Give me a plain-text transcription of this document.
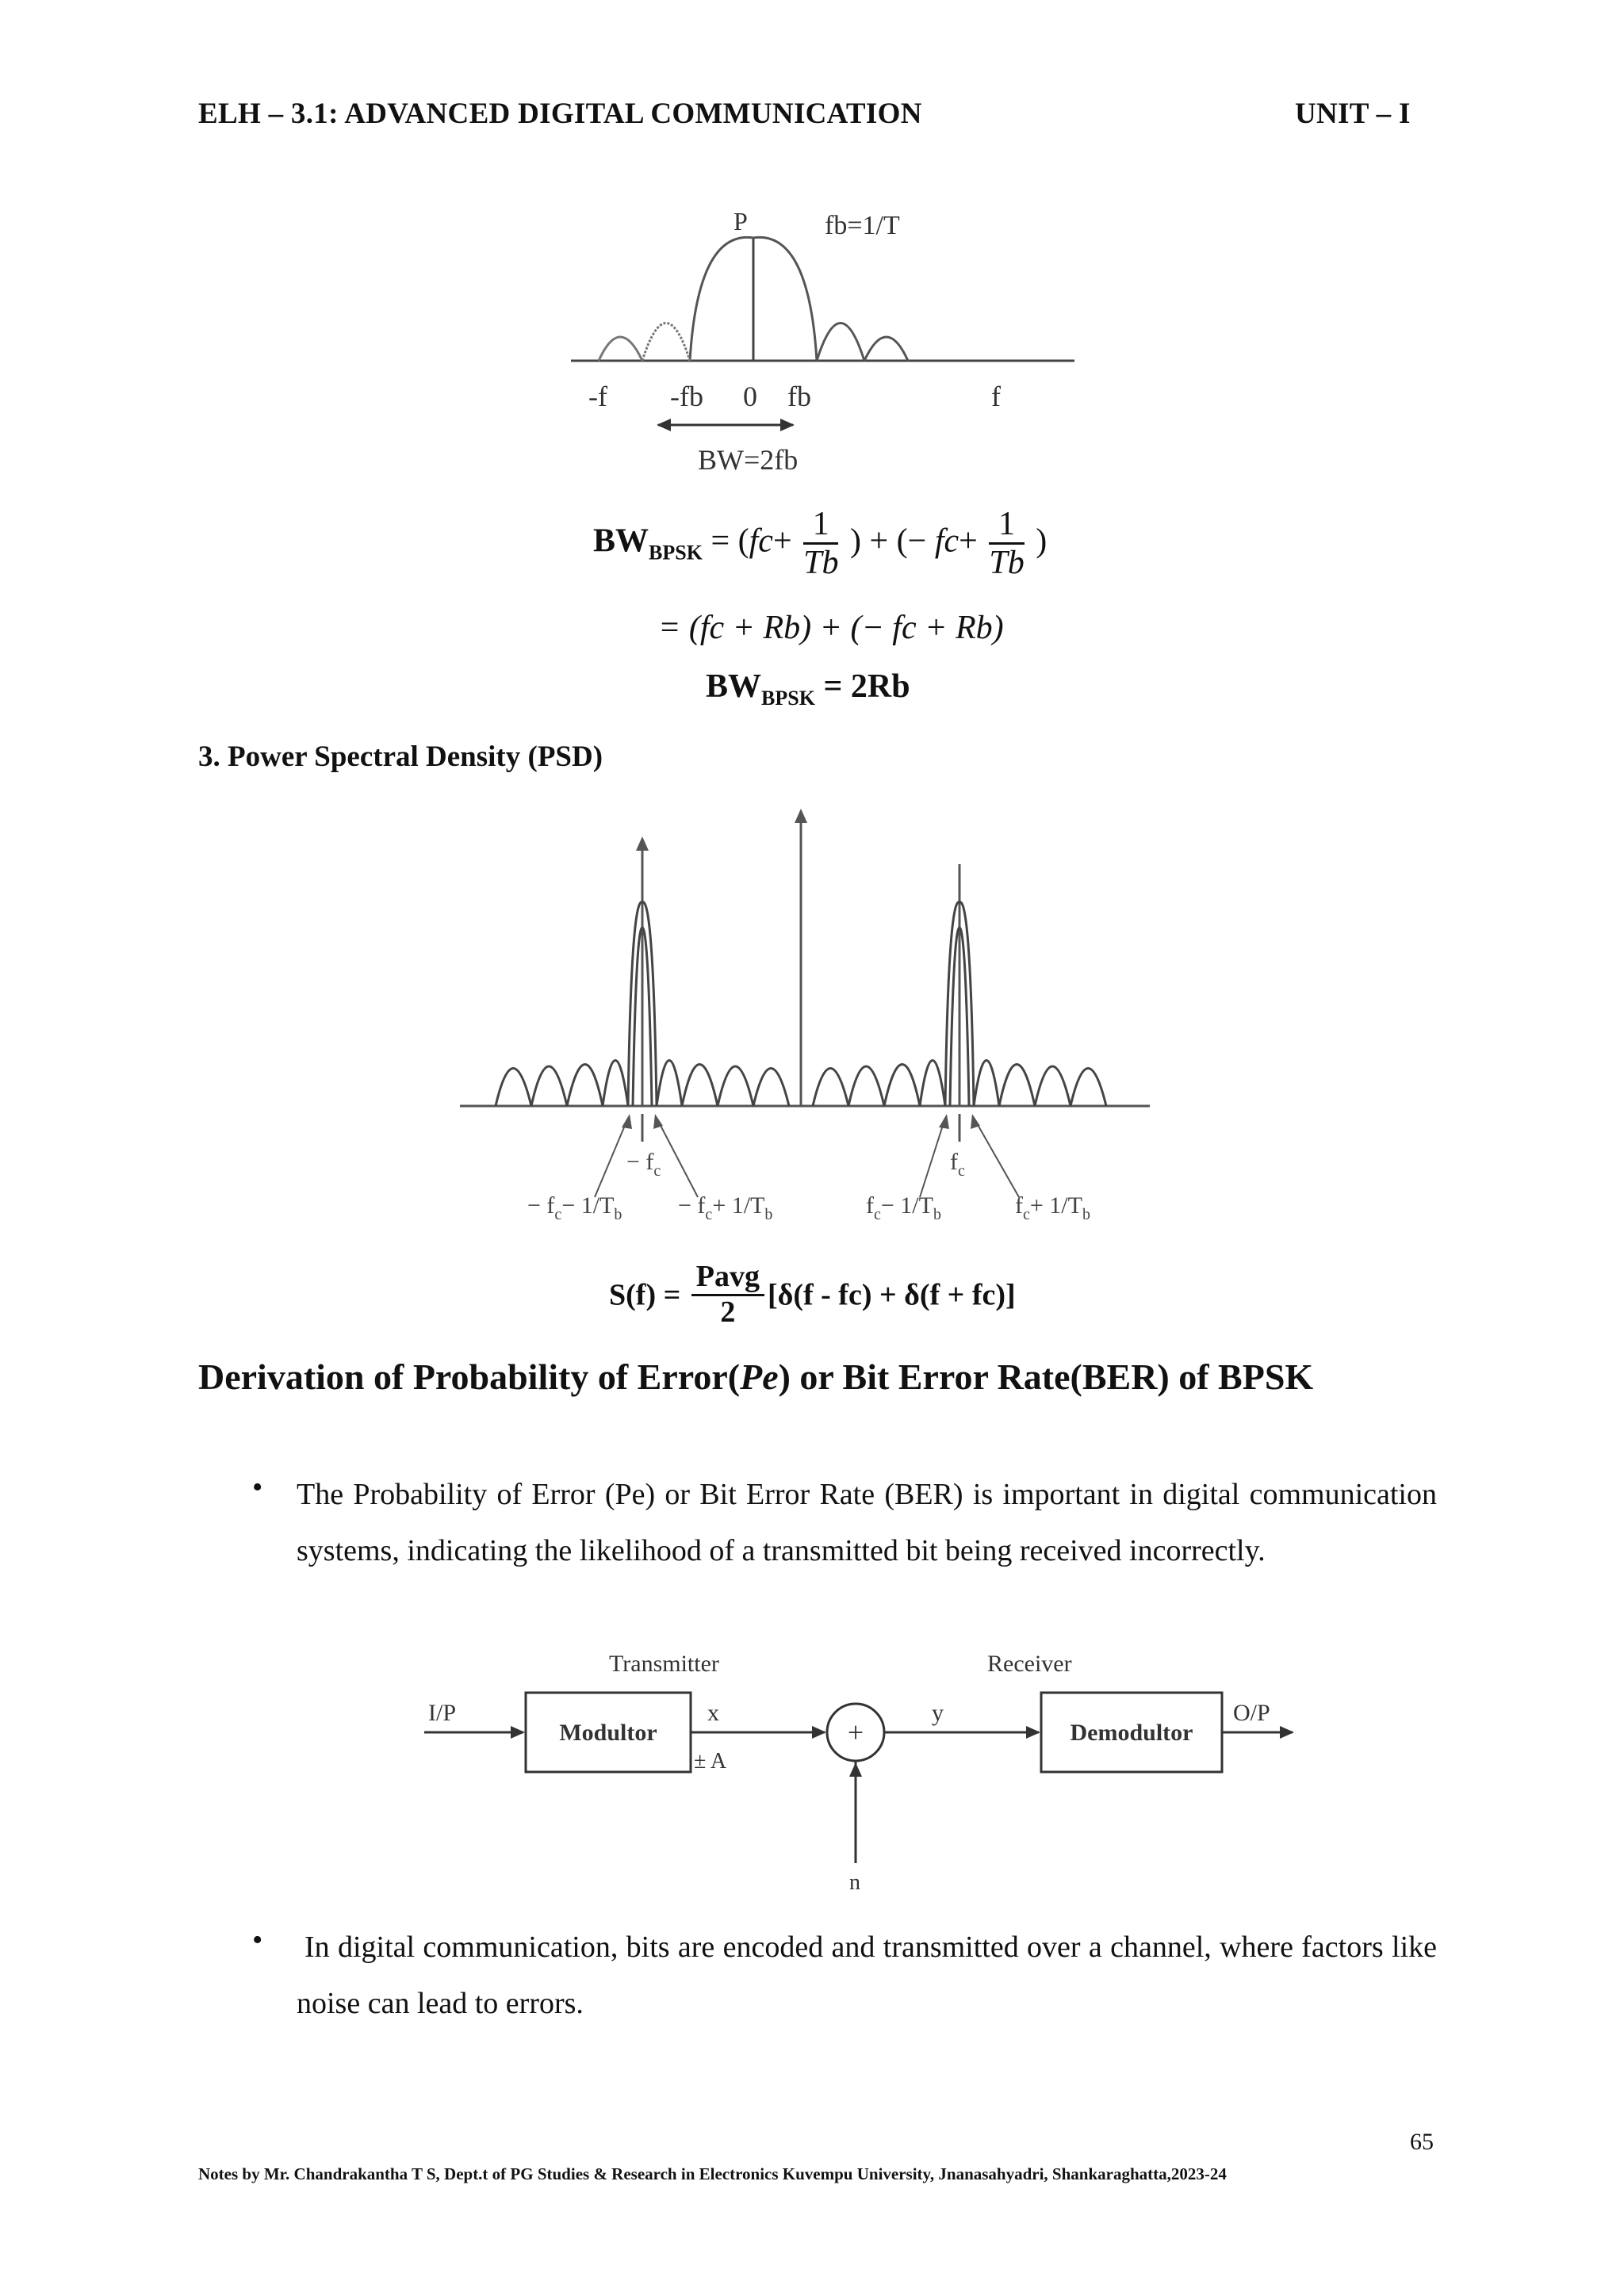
ELH – 3.1: ADVANCED DIGITAL COMMUNICATION	UNIT – I
P	fb=1/T
-f -fb 0 fb	f
BW=2fb
$BW_{BPSK} = (fc+ \frac{1}{Tb}$ ) + (− $fc+ \frac{1}{Tb}$ )
= (fc + Rb) + (− fc + Rb)
$BW_{BPSK} = 2Rb$
3. Power Spectral Density (PSD)
− $f_c$	$f_c$
− $f_c- 1/T_b - f_c+ 1/T_b$	$f_c- 1/T_b$	$f_c+ 1/T_b$
$S(f) = \frac{\text{Pavg}}{2} [\delta(f - fc) + \delta(f + fc)]$
Derivation of Probability of Error(Pe) or Bit Error Rate(BER) of BPSK
• The Probability of Error (Pe) or Bit Error Rate (BER) is important in digital communication systems, indicating the likelihood of a transmitted bit being received incorrectly.
Transmitter	Receiver
I/P
Modultor
x
± A
+
n
y
Demodultor
O/P
• In digital communication, bits are encoded and transmitted over a channel, where factors like noise can lead to errors.
65
Notes by Mr. Chandrakantha T S, Dept.t of PG Studies & Research in Electronics Kuvempu University, Jnanasahyadri, Shankaraghatta,2023-24
